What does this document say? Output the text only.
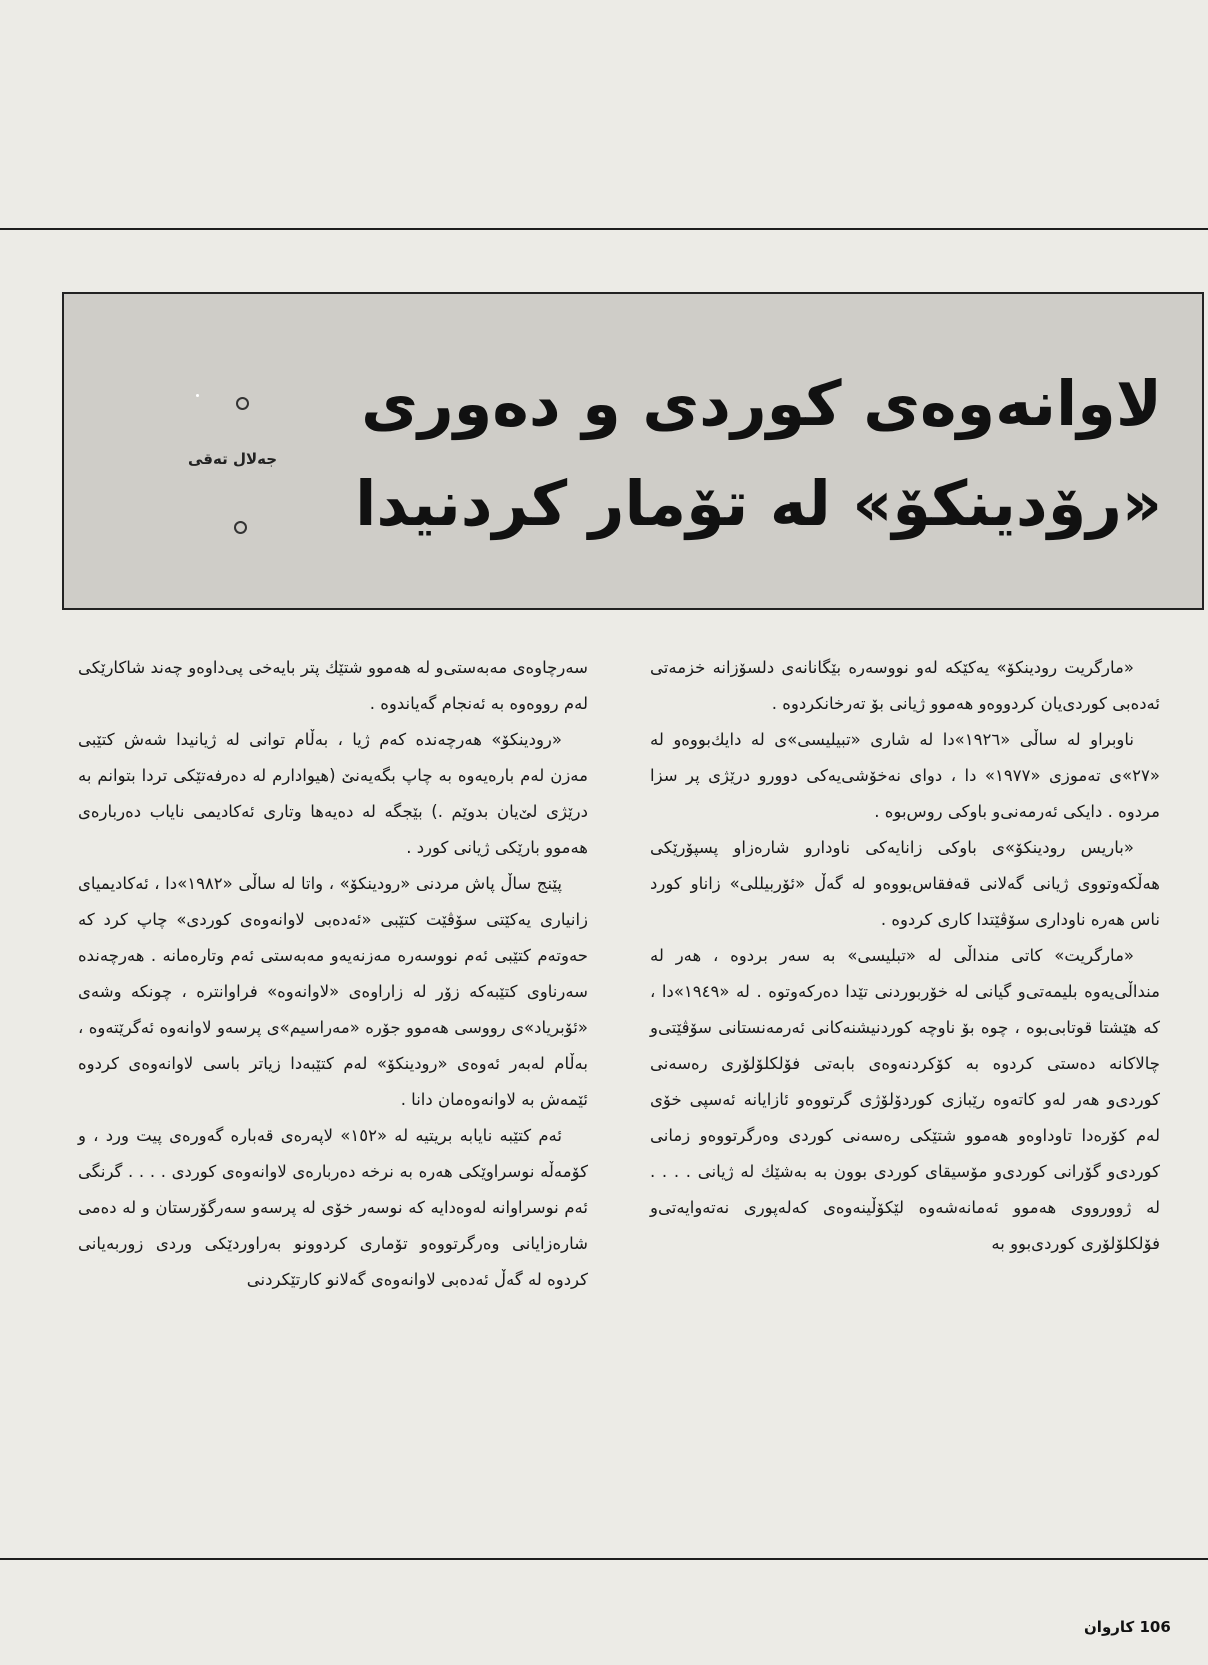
لاوانەوەی کوردی و دەوری
«رۆدینکۆ» لە تۆمار کردنیدا
جەلال تەقی

«مارگریت رودینکۆ» یەکێکە لەو نووسەرە بێگانانەی دلسۆزانە خزمەتی ئەدەبی کوردی‌یان کردووەو هەموو ژیانی بۆ تەرخانکردوە .

ناوبراو لە ساڵی «١٩٢٦»دا لە شاری «تبیلیسی»ی لە دایك‌بووەو لە «٢٧»ی تەموزی «١٩٧٧» دا ، دوای نەخۆشی‌یەکی دوورو درێژی پر سزا مردوە . دایکی ئەرمەنی‌و باوکی روس‌بوە .

«باریس رودینکۆ»ی باوکی زانایەکی ناودارو شارەزاو پسپۆرێکی هەڵکەوتووی ژیانی گەلانی قەفقاس‌بووەو لە گەڵ «ئۆربیللی» زاناو کورد ناس هەرە ناوداری سۆڤێتدا کاری کردوە .

«مارگریت» کاتی منداڵی لە «تبلیسی» بە سەر بردوە ، هەر لە منداڵی‌یەوە بلیمەتی‌و گیانی لە خۆربوردنی تێدا دەرکەوتوە . لە «١٩٤٩»دا ، کە هێشتا قوتابی‌بوە ، چوە بۆ ناوچە کوردنیشنەکانی ئەرمەنستانی سۆڤێتی‌و چالاکانە دەستی کردوە بە کۆکردنەوەی بابەتی فۆلکلۆلۆری رەسەنی کوردی‌و هەر لەو کاتەوە رێبازی کوردۆلۆژی گرتووەو ئازایانە ئەسپی خۆی لەم کۆرەدا تاوداوەو هەموو شتێکی رەسەنی کوردی وەرگرتووەو زمانی کوردی‌و گۆرانی کوردی‌و مۆسیقای کوردی بوون بە بەشێك لە ژیانی . . . . لە ژوورووی هەموو ئەمانەشەوە لێکۆڵینەوەی کەلەپوری نەتەوایەتی‌و فۆلکلۆلۆری کوردی‌بوو بە

سەرچاوەی مەبەستی‌و لە هەموو شتێك پتر بایەخی پی‌داوەو چەند شاکارێکی لەم رووەوە بە ئەنجام گەیاندوە .

«رودینکۆ» هەرچەندە کەم ژیا ، بەڵام توانی لە ژیانیدا شەش کتێبی مەزن لەم بارەیەوە بە چاپ بگەیەنێ (هیوادارم لە دەرفەتێکی تردا بتوانم بە درێژی لێ‌یان بدوێم .) بێجگە لە دەیەها وتاری ئەکادیمی نایاب دەربارەی هەموو بارێکی ژیانی کورد .

پێنج ساڵ پاش مردنی «رودینکۆ» ، واتا لە ساڵی «١٩٨٢»دا ، ئەکادیمیای زانیاری یەکێتی سۆڤێت کتێبی «ئەدەبی لاوانەوەی کوردی» چاپ کرد کە حەوتەم کتێبی ئەم نووسەرە مەزنەیەو مەبەستی ئەم وتارەمانە . هەرچەندە سەرناوی کتێبەکە زۆر لە زاراوەی «لاوانەوە» فراوانترە ، چونکە وشەی «ئۆبریاد»ی رووسی هەموو جۆرە «مەراسیم»ی پرسەو لاوانەوە ئەگرێتەوە ، بەڵام لەبەر ئەوەی «رودینکۆ» لەم کتێبەدا زیاتر باسی لاوانەوەی کردوە ئێمەش بە لاوانەوەمان دانا .

ئەم کتێبە نایابە بریتیە لە «١٥٢» لاپەرەی قەبارە گەورەی پیت ورد ، و کۆمەڵە نوسراوێکی هەرە بە نرخە دەربارەی لاوانەوەی کوردی . . . . گرنگی ئەم نوسراوانە لەوەدایە کە نوسەر خۆی لە پرسەو سەرگۆرستان و لە دەمی شارەزایانی وەرگرتووەو تۆماری کردوونو بەراوردێکی وردی زوربەیانی کردوە لە گەڵ ئەدەبی لاوانەوەی گەلانو کارتێکردنی

106 کاروان
